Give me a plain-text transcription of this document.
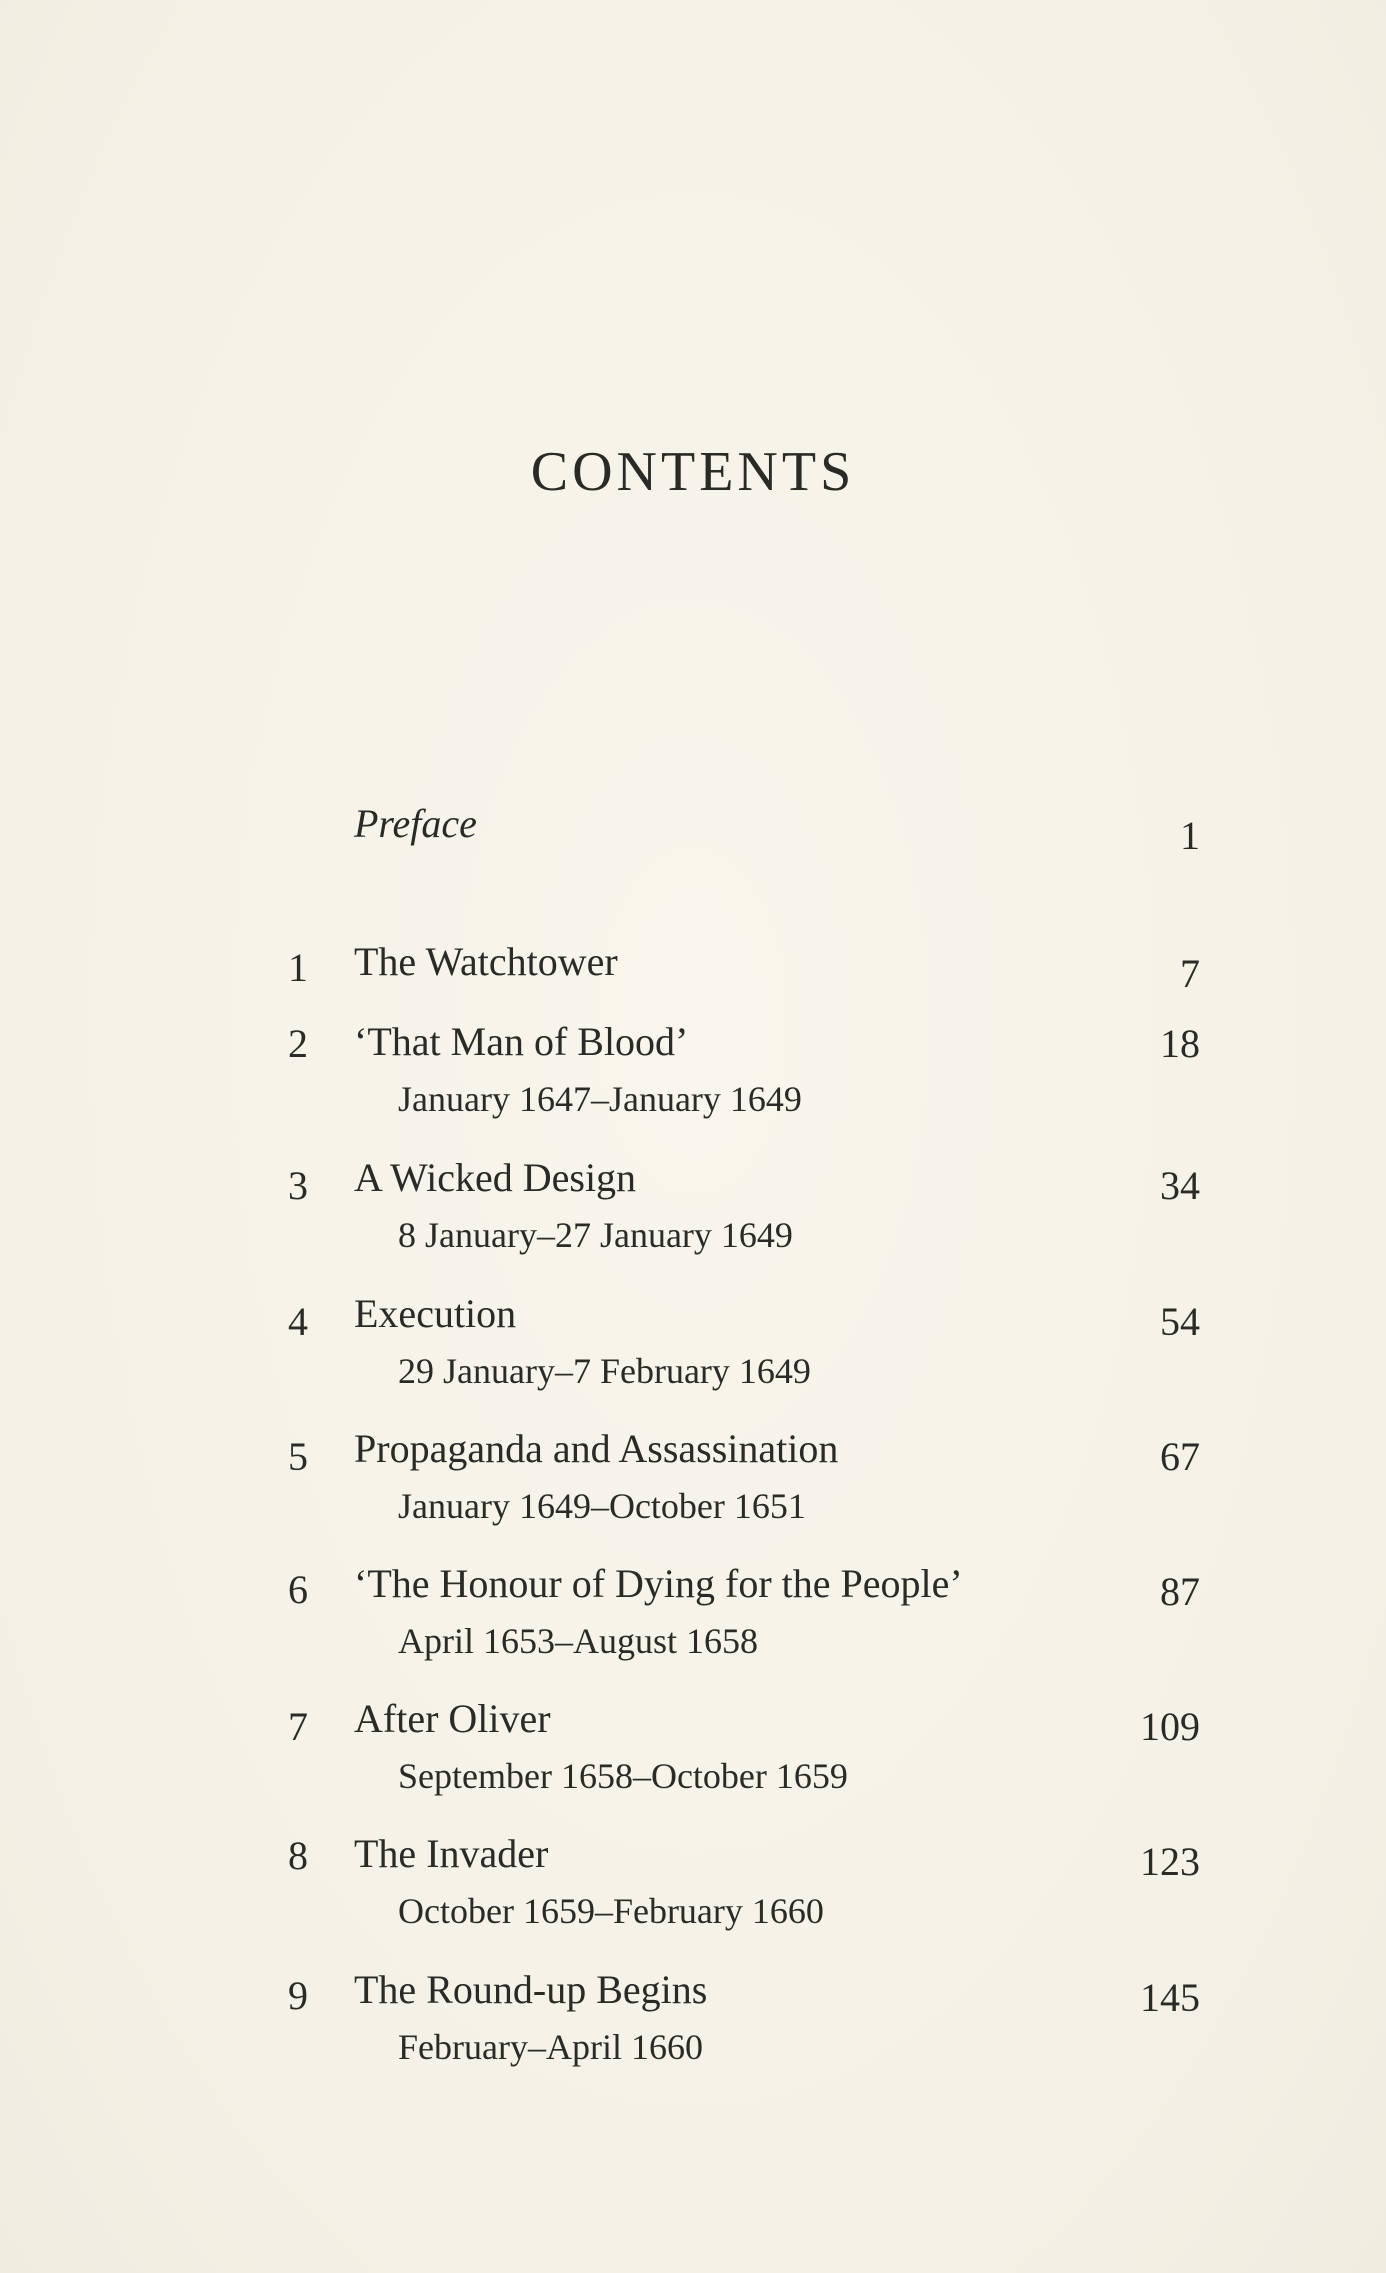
CONTENTS
Preface	1
1	The Watchtower	7
2	‘That Man of Blood’	18
January 1647–January 1649
3	A Wicked Design	34
8 January–27 January 1649
4	Execution	54
29 January–7 February 1649
5	Propaganda and Assassination	67
January 1649–October 1651
6	‘The Honour of Dying for the People’	87
April 1653–August 1658
7	After Oliver	109
September 1658–October 1659
8	The Invader	123
October 1659–February 1660
9	The Round-up Begins	145
February–April 1660
